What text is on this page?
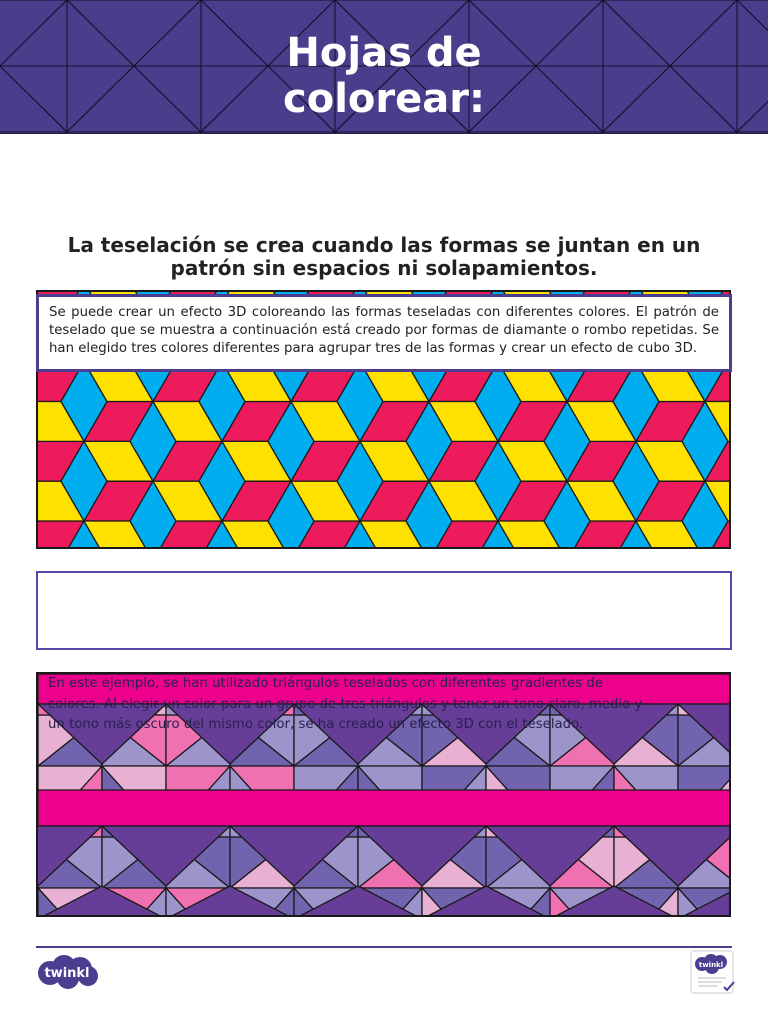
Hojas de
colorear:
La teselación se crea cuando las formas se juntan en un patrón sin espacios ni solapamientos.
Se puede crear un efecto 3D coloreando las formas teseladas con diferentes colores. El patrón de teselado que se muestra a continuación está creado por formas de diamante o rombo repetidas. Se han elegido tres colores diferentes para agrupar tres de las formas y crear un efecto de cubo 3D.

En este ejemplo, se han utilizado triángulos teselados con diferentes gradientes de colores. Al elegir un color para un grupo de tres triángulos y tener un tono claro, medio y un tono más oscuro del mismo color, se ha creado un efecto 3D con el teselado.

twinkl
twinkl
